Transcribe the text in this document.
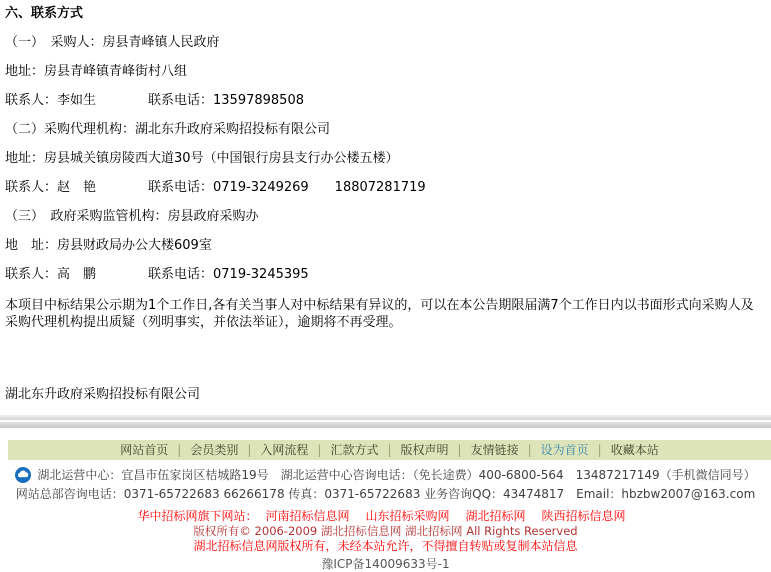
六、联系方式

（一）　采购人：房县青峰镇人民政府

地址：房县青峰镇青峰街村八组

联系人：李如生　　　　联系电话：13597898508

（二）采购代理机构：湖北东升政府采购招投标有限公司

地址：房县城关镇房陵西大道30号（中国银行房县支行办公楼五楼）

联系人：赵　艳　　　　联系电话：0719-3249269　　18807281719

（三）　政府采购监管机构：房县政府采购办

地　址：房县财政局办公大楼609室

联系人：高　鹏　　　　联系电话：0719-3245395

本项目中标结果公示期为1个工作日,各有关当事人对中标结果有异议的，可以在本公告期限届满7个工作日内以书面形式向采购人及采购代理机构提出质疑（列明事实，并依法举证），逾期将不再受理。

湖北东升政府采购招投标有限公司

网站首页 | 会员类别 | 入网流程 | 汇款方式 | 版权声明 | 友情链接 | 设为首页 | 收藏本站
湖北运营中心：宜昌市伍家岗区桔城路19号　湖北运营中心咨询电话：（免长途费）400-6800-564　13487217149（手机微信同号）
网站总部咨询电话：0371-65722683 66266178 传真：0371-65722683 业务咨询QQ：43474817　Email：hbzbw2007@163.com
华中招标网旗下网站： 河南招标信息网 山东招标采购网 湖北招标网 陕西招标信息网
版权所有© 2006-2009 湖北招标信息网 湖北招标网 All Rights Reserved
湖北招标信息网版权所有，未经本站允许，不得擅自转贴或复制本站信息
豫ICP备14009633号-1
